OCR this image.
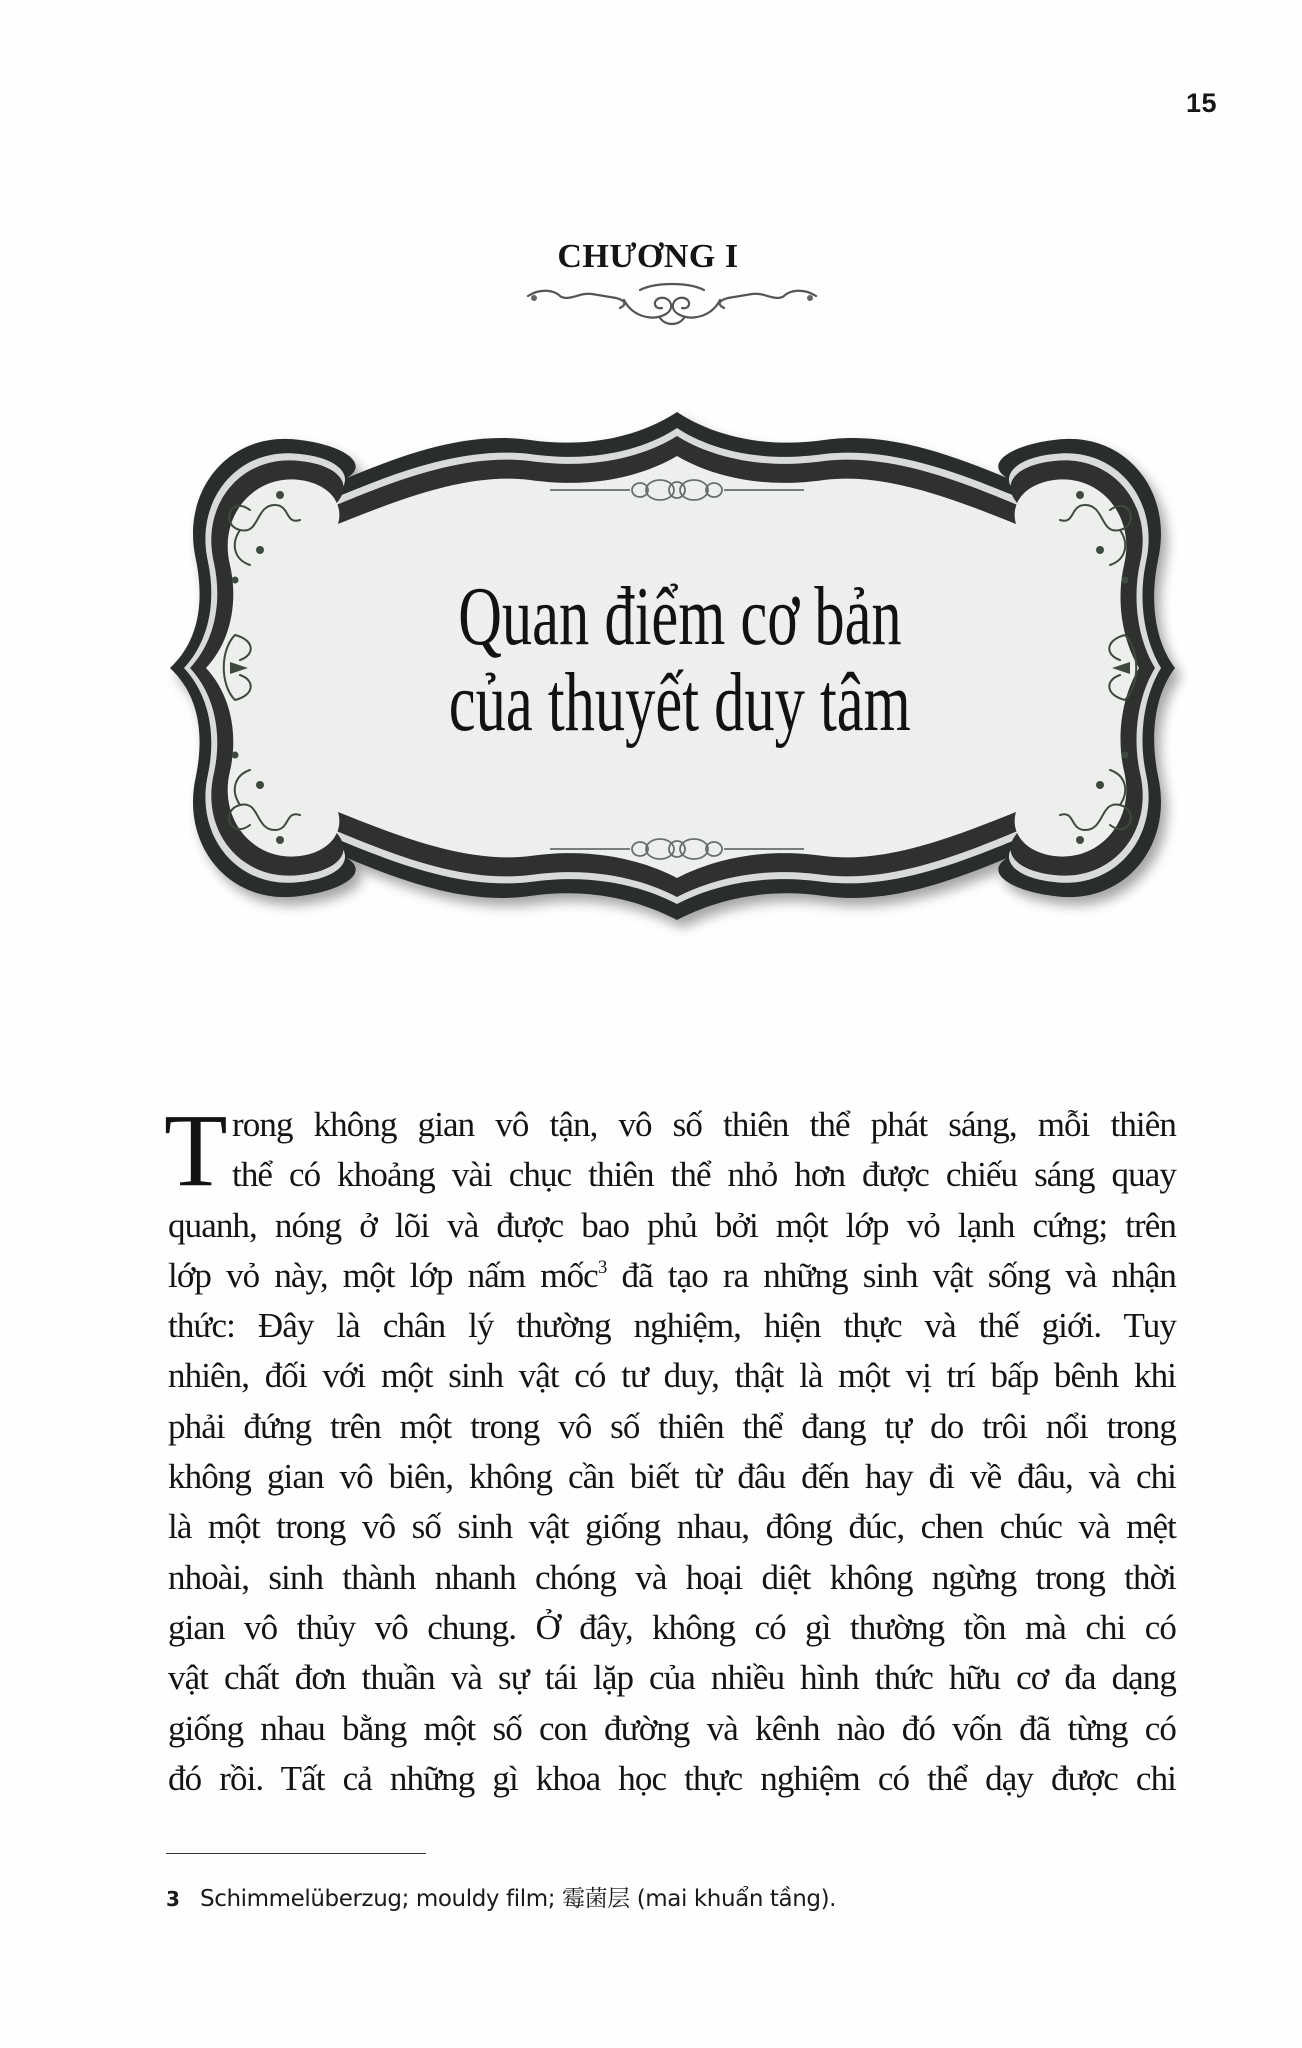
15
CHƯƠNG I
Quan điểm cơ bản
của thuyết duy tâm
T rong không gian vô tận, vô số thiên thể phát sáng, mỗi thiên
thể có khoảng vài chục thiên thể nhỏ hơn được chiếu sáng quay
quanh, nóng ở lõi và được bao phủ bởi một lớp vỏ lạnh cứng; trên
lớp vỏ này, một lớp nấm mốc$^3$ đã tạo ra những sinh vật sống và nhận
thức: Đây là chân lý thường nghiệm, hiện thực và thế giới. Tuy
nhiên, đối với một sinh vật có tư duy, thật là một vị trí bấp bênh khi
phải đứng trên một trong vô số thiên thể đang tự do trôi nổi trong
không gian vô biên, không cần biết từ đâu đến hay đi về đâu, và chi
là một trong vô số sinh vật giống nhau, đông đúc, chen chúc và mệt
nhoài, sinh thành nhanh chóng và hoại diệt không ngừng trong thời
gian vô thủy vô chung. Ở đây, không có gì thường tồn mà chi có
vật chất đơn thuần và sự tái lặp của nhiều hình thức hữu cơ đa dạng
giống nhau bằng một số con đường và kênh nào đó vốn đã từng có
đó rồi. Tất cả những gì khoa học thực nghiệm có thể dạy được chi
3 Schimmelüberzug; mouldy film; 霉菌层 (mai khuẩn tầng).
